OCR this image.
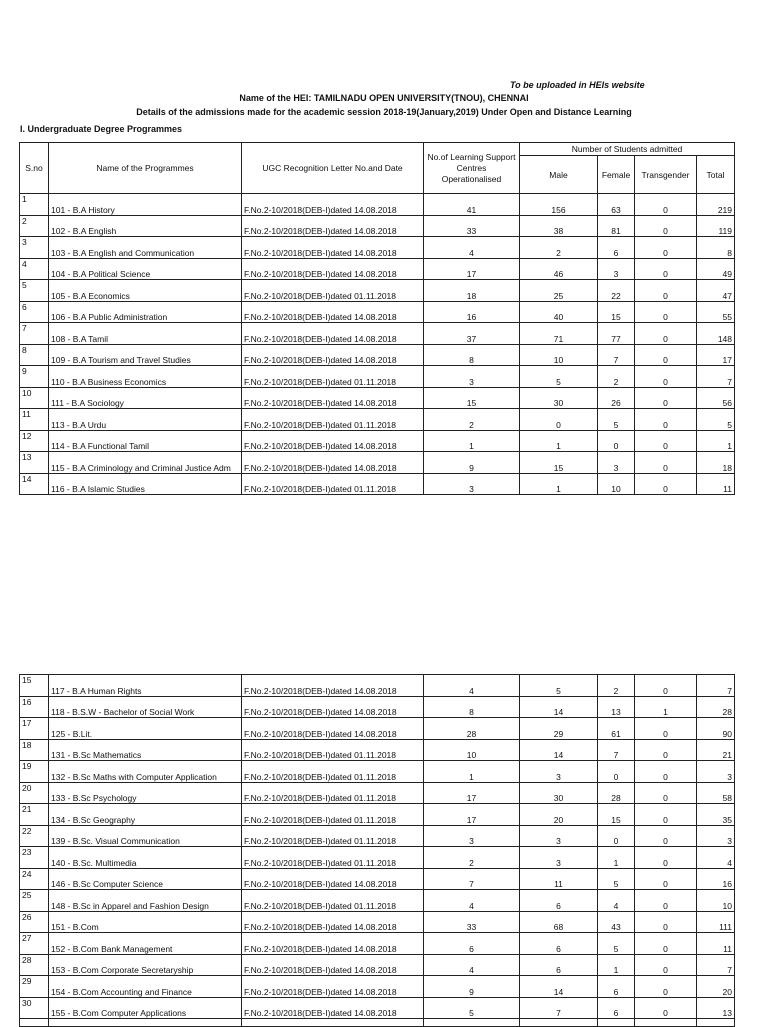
To be uploaded in HEIs website
Name of the HEI: TAMILNADU OPEN UNIVERSITY(TNOU), CHENNAI
Details of the admissions made for the academic session 2018-19(January,2019) Under Open and Distance Learning
I. Undergraduate Degree Programmes
S.no	Name of the Programmes	UGC Recognition Letter No.and Date	No.of Learning Support Centres Operationalised	Number of Students admitted			
				Male	Female	Transgender	Total
1	101 - B.A History	F.No.2-10/2018(DEB-I)dated 14.08.2018	41	156	63	0	219
2	102 - B.A English	F.No.2-10/2018(DEB-I)dated 14.08.2018	33	38	81	0	119
3	103 - B.A English and Communication	F.No.2-10/2018(DEB-I)dated 14.08.2018	4	2	6	0	8
4	104 - B.A Political Science	F.No.2-10/2018(DEB-I)dated 14.08.2018	17	46	3	0	49
5	105 - B.A Economics	F.No.2-10/2018(DEB-I)dated 01.11.2018	18	25	22	0	47
6	106 - B.A Public Administration	F.No.2-10/2018(DEB-I)dated 14.08.2018	16	40	15	0	55
7	108 - B.A Tamil	F.No.2-10/2018(DEB-I)dated 14.08.2018	37	71	77	0	148
8	109 - B.A Tourism and Travel Studies	F.No.2-10/2018(DEB-I)dated 14.08.2018	8	10	7	0	17
9	110 - B.A Business Economics	F.No.2-10/2018(DEB-I)dated 01.11.2018	3	5	2	0	7
10	111 - B.A Sociology	F.No.2-10/2018(DEB-I)dated 14.08.2018	15	30	26	0	56
11	113 - B.A Urdu	F.No.2-10/2018(DEB-I)dated 01.11.2018	2	0	5	0	5
12	114 - B.A Functional Tamil	F.No.2-10/2018(DEB-I)dated 14.08.2018	1	1	0	0	1
13	115 - B.A Criminology and Criminal Justice Adm	F.No.2-10/2018(DEB-I)dated 14.08.2018	9	15	3	0	18
14	116 - B.A Islamic Studies	F.No.2-10/2018(DEB-I)dated 01.11.2018	3	1	10	0	11
15	117 - B.A Human Rights	F.No.2-10/2018(DEB-I)dated 14.08.2018	4	5	2	0	7
16	118 - B.S.W - Bachelor of Social Work	F.No.2-10/2018(DEB-I)dated 14.08.2018	8	14	13	1	28
17	125 - B.Lit.	F.No.2-10/2018(DEB-I)dated 14.08.2018	28	29	61	0	90
18	131 - B.Sc Mathematics	F.No.2-10/2018(DEB-I)dated 01.11.2018	10	14	7	0	21
19	132 - B.Sc Maths with Computer Application	F.No.2-10/2018(DEB-I)dated 01.11.2018	1	3	0	0	3
20	133 - B.Sc Psychology	F.No.2-10/2018(DEB-I)dated 01.11.2018	17	30	28	0	58
21	134 - B.Sc Geography	F.No.2-10/2018(DEB-I)dated 01.11.2018	17	20	15	0	35
22	139 - B.Sc. Visual Communication	F.No.2-10/2018(DEB-I)dated 01.11.2018	3	3	0	0	3
23	140 - B.Sc. Multimedia	F.No.2-10/2018(DEB-I)dated 01.11.2018	2	3	1	0	4
24	146 - B.Sc Computer Science	F.No.2-10/2018(DEB-I)dated 14.08.2018	7	11	5	0	16
25	148 - B.Sc in Apparel and Fashion Design	F.No.2-10/2018(DEB-I)dated 01.11.2018	4	6	4	0	10
26	151 - B.Com	F.No.2-10/2018(DEB-I)dated 14.08.2018	33	68	43	0	111
27	152 - B.Com Bank Management	F.No.2-10/2018(DEB-I)dated 14.08.2018	6	6	5	0	11
28	153 - B.Com Corporate Secretaryship	F.No.2-10/2018(DEB-I)dated 14.08.2018	4	6	1	0	7
29	154 - B.Com Accounting and Finance	F.No.2-10/2018(DEB-I)dated 14.08.2018	9	14	6	0	20
30	155 - B.Com Computer Applications	F.No.2-10/2018(DEB-I)dated 14.08.2018	5	7	6	0	13
